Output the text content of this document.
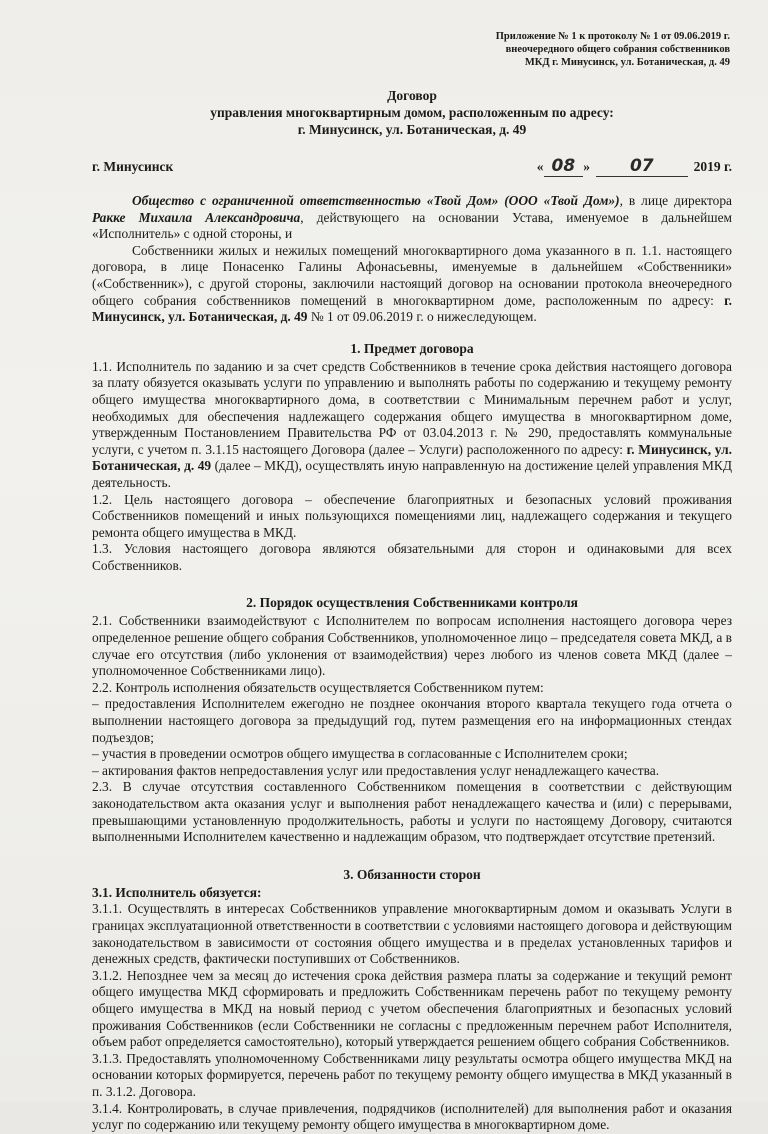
Приложение № 1 к протоколу № 1 от 09.06.2019 г.
внеочередного общего собрания собственников
МКД г. Минусинск, ул. Ботаническая, д. 49
Договор
управления многоквартирным домом, расположенным по адресу:
г. Минусинск, ул. Ботаническая, д. 49
г. Минусинск	« 08 »	07	2019 г.

Общество с ограниченной ответственностью «Твой Дом» (ООО «Твой Дом»), в лице директора Ракке Михаила Александровича, действующего на основании Устава, именуемое в дальнейшем «Исполнитель» с одной стороны, и

Собственники жилых и нежилых помещений многоквартирного дома указанного в п. 1.1. настоящего договора, в лице Понасенко Галины Афонасьевны, именуемые в дальнейшем «Собственники» («Собственник»), с другой стороны, заключили настоящий договор на основании протокола внеочередного общего собрания собственников помещений в многоквартирном доме, расположенным по адресу: г. Минусинск, ул. Ботаническая, д. 49 № 1 от 09.06.2019 г. о нижеследующем.

1. Предмет договора

1.1. Исполнитель по заданию и за счет средств Собственников в течение срока действия настоящего договора за плату обязуется оказывать услуги по управлению и выполнять работы по содержанию и текущему ремонту общего имущества многоквартирного дома, в соответствии с Минимальным перечнем работ и услуг, необходимых для обеспечения надлежащего содержания общего имущества в многоквартирном доме, утвержденным Постановлением Правительства РФ от 03.04.2013 г. № 290, предоставлять коммунальные услуги, с учетом п. 3.1.15 настоящего Договора (далее – Услуги) расположенного по адресу: г. Минусинск, ул. Ботаническая, д. 49 (далее – МКД), осуществлять иную направленную на достижение целей управления МКД деятельность.

1.2. Цель настоящего договора – обеспечение благоприятных и безопасных условий проживания Собственников помещений и иных пользующихся помещениями лиц, надлежащего содержания и текущего ремонта общего имущества в МКД.

1.3. Условия настоящего договора являются обязательными для сторон и одинаковыми для всех Собственников.

2. Порядок осуществления Собственниками контроля

2.1. Собственники взаимодействуют с Исполнителем по вопросам исполнения настоящего договора через определенное решение общего собрания Собственников, уполномоченное лицо – председателя совета МКД, а в случае его отсутствия (либо уклонения от взаимодействия) через любого из членов совета МКД (далее – уполномоченное Собственниками лицо).

2.2. Контроль исполнения обязательств осуществляется Собственником путем:

– предоставления Исполнителем ежегодно не позднее окончания второго квартала текущего года отчета о выполнении настоящего договора за предыдущий год, путем размещения его на информационных стендах подъездов;

– участия в проведении осмотров общего имущества в согласованные с Исполнителем сроки;

– актирования фактов непредоставления услуг или предоставления услуг ненадлежащего качества.

2.3. В случае отсутствия составленного Собственником помещения в соответствии с действующим законодательством акта оказания услуг и выполнения работ ненадлежащего качества и (или) с перерывами, превышающими установленную продолжительность, работы и услуги по настоящему Договору, считаются выполненными Исполнителем качественно и надлежащим образом, что подтверждает отсутствие претензий.

3. Обязанности сторон

3.1. Исполнитель обязуется:

3.1.1. Осуществлять в интересах Собственников управление многоквартирным домом и оказывать Услуги в границах эксплуатационной ответственности в соответствии с условиями настоящего договора и действующим законодательством в зависимости от состояния общего имущества и в пределах установленных тарифов и денежных средств, фактически поступивших от Собственников.

3.1.2. Непозднее чем за месяц до истечения срока действия размера платы за содержание и текущий ремонт общего имущества МКД сформировать и предложить Собственникам перечень работ по текущему ремонту общего имущества в МКД на новый период с учетом обеспечения благоприятных и безопасных условий проживания Собственников (если Собственники не согласны с предложенным перечнем работ Исполнителя, объем работ определяется самостоятельно), который утверждается решением общего собрания Собственников.

3.1.3. Предоставлять уполномоченному Собственниками лицу результаты осмотра общего имущества МКД на основании которых формируется, перечень работ по текущему ремонту общего имущества в МКД указанный в п. 3.1.2. Договора.

3.1.4. Контролировать, в случае привлечения, подрядчиков (исполнителей) для выполнения работ и оказания услуг по содержанию или текущему ремонту общего имущества в многоквартирном доме.
